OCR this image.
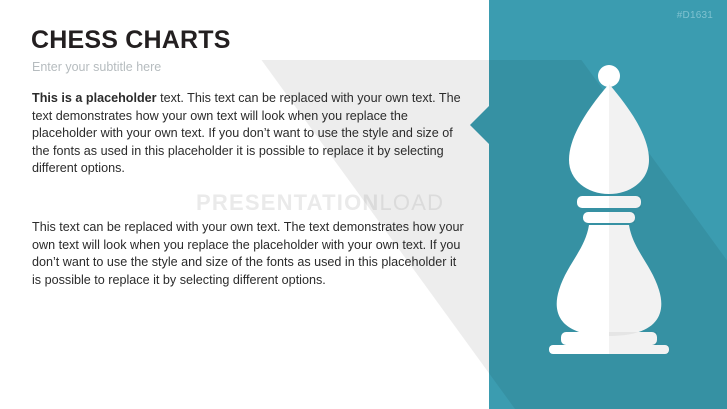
#D1631
CHESS CHARTS

Enter your subtitle here

This is a placeholder text. This text can be replaced with your own text. The text demonstrates how your own text will look when you replace the placeholder with your own text. If you don’t want to use the style and size of the fonts as used in this placeholder it is possible to replace it by selecting different options.
This text can be replaced with your own text. The text demonstrates how your own text will look when you replace the placeholder with your own text. If you don’t want to use the style and size of the fonts as used in this placeholder it is possible to replace it by selecting different options.
PRESENTATIONLOAD
